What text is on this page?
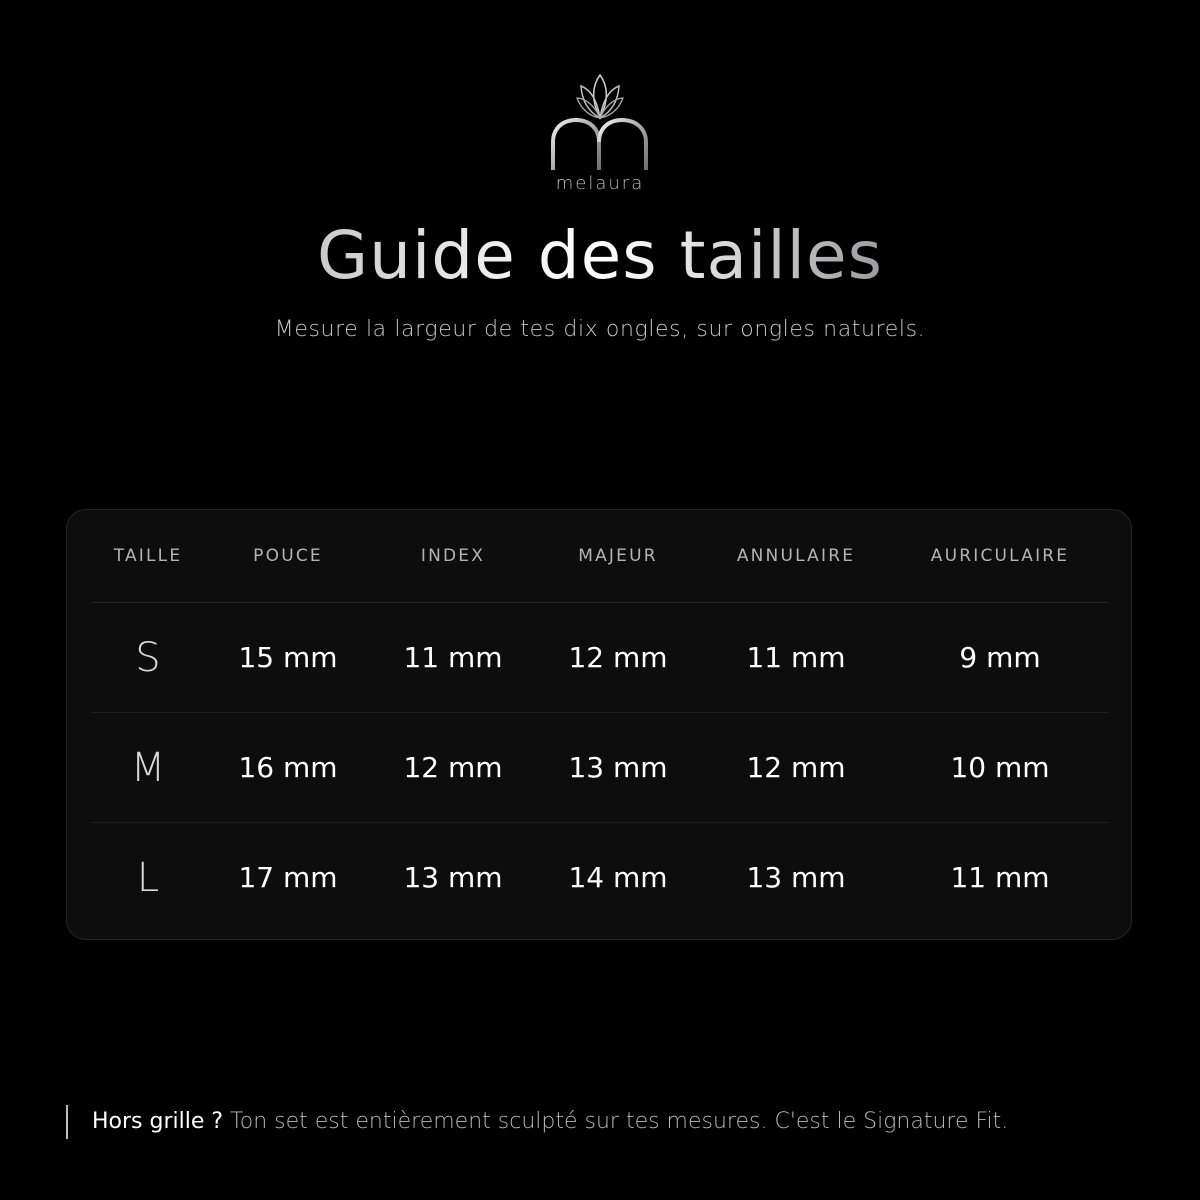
melaura
Guide des tailles
Mesure la largeur de tes dix ongles, sur ongles naturels.
TAILLE	POUCE	INDEX	MAJEUR	ANNULAIRE	AURICULAIRE
S	15 mm	11 mm	12 mm	11 mm	9 mm
M	16 mm	12 mm	13 mm	12 mm	10 mm
L	17 mm	13 mm	14 mm	13 mm	11 mm
Hors grille ? Ton set est entièrement sculpté sur tes mesures. C'est le Signature Fit.
